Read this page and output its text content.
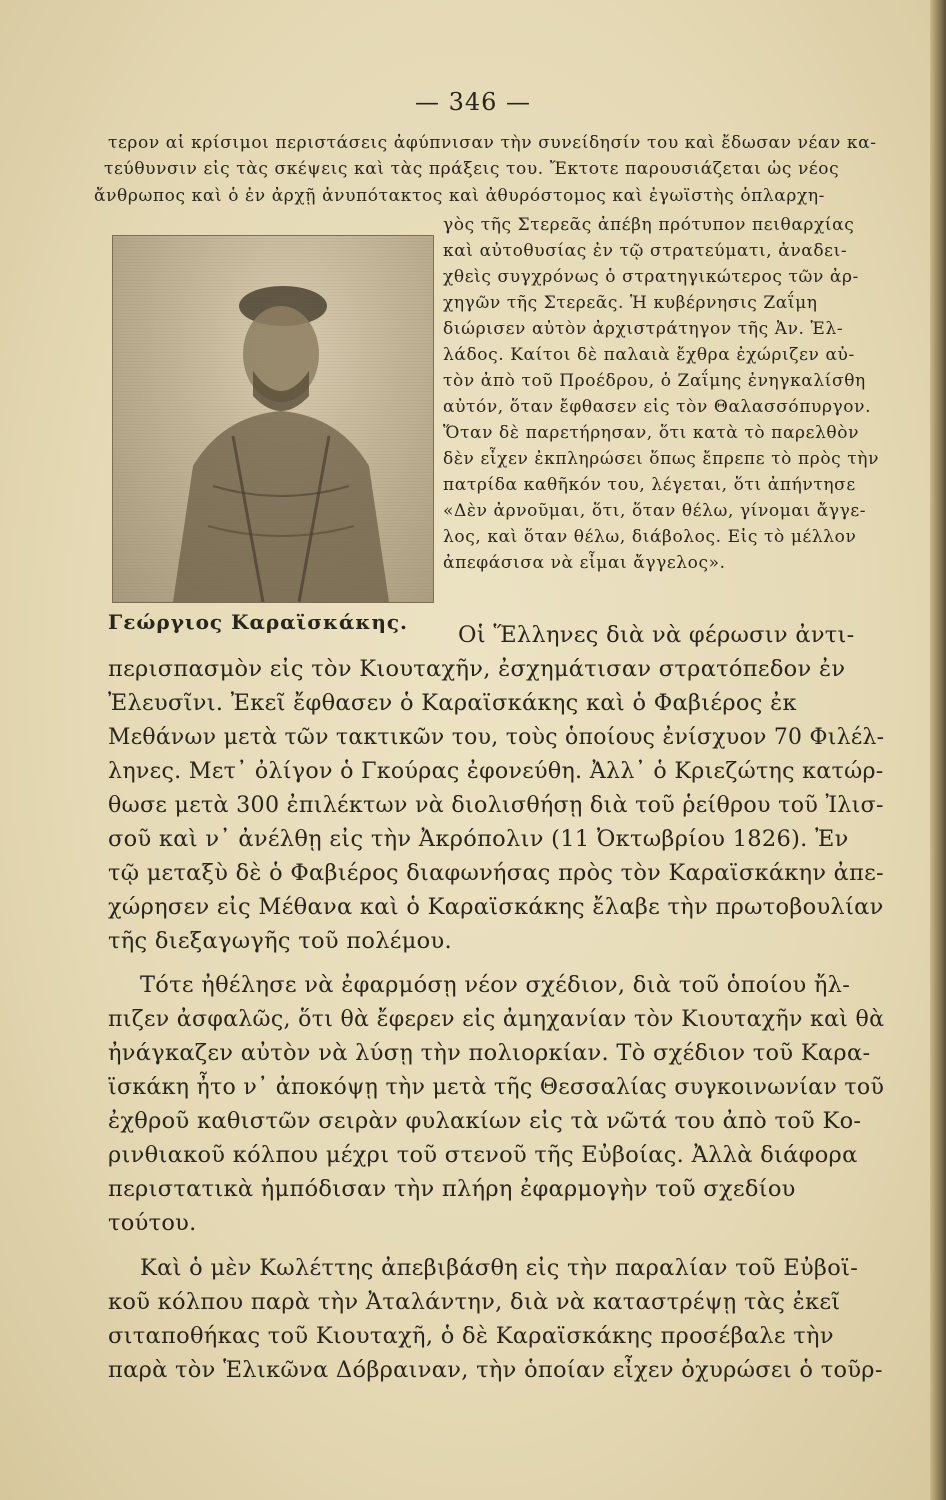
— 346 —
Γεώργιος Καραϊσκάκης.
τερον αἱ κρίσιμοι περιστάσεις ἀφύπνισαν τὴν συνείδησίν του καὶ ἔδωσαν νέαν κα-
τεύθυνσιν εἰς τὰς σκέψεις καὶ τὰς πράξεις του. Ἔκτοτε παρουσιάζεται ὡς νέος
ἄνθρωπος καὶ ὁ ἐν ἀρχῇ ἀνυπότακτος καὶ ἀθυρόστομος καὶ ἐγωϊστὴς ὁπλαρχη-
γὸς τῆς Στερεᾶς ἀπέβη πρότυπον πειθαρχίας
καὶ αὐτοθυσίας ἐν τῷ στρατεύματι, ἀναδει-
χθεὶς συγχρόνως ὁ στρατηγικώτερος τῶν ἀρ-
χηγῶν τῆς Στερεᾶς. Ἡ κυβέρνησις Ζαΐμη
διώρισεν αὐτὸν ἀρχιστράτηγον τῆς Ἀν. Ἑλ-
λάδος. Καίτοι δὲ παλαιὰ ἔχθρα ἐχώριζεν αὐ-
τὸν ἀπὸ τοῦ Προέδρου, ὁ Ζαΐμης ἐνηγκαλίσθη
αὐτόν, ὅταν ἔφθασεν εἰς τὸν Θαλασσόπυργον.
Ὅταν δὲ παρετήρησαν, ὅτι κατὰ τὸ παρελθὸν
δὲν εἶχεν ἐκπληρώσει ὅπως ἔπρεπε τὸ πρὸς τὴν
πατρίδα καθῆκόν του, λέγεται, ὅτι ἀπήντησε
«Δὲν ἀρνοῦμαι, ὅτι, ὅταν θέλω, γίνομαι ἄγγε-
λος, καὶ ὅταν θέλω, διάβολος. Εἰς τὸ μέλλον
ἀπεφάσισα νὰ εἶμαι ἄγγελος».
Οἱ Ἕλληνες διὰ νὰ φέρωσιν ἀντι-
περισπασμὸν εἰς τὸν Κιουταχῆν, ἐσχημάτισαν στρατόπεδον ἐν
Ἐλευσῖνι. Ἐκεῖ ἔφθασεν ὁ Καραϊσκάκης καὶ ὁ Φαβιέρος ἐκ
Μεθάνων μετὰ τῶν τακτικῶν του, τοὺς ὁποίους ἐνίσχυον 70 Φιλέλ-
ληνες. Μετ᾽ ὀλίγον ὁ Γκούρας ἐφονεύθη. Ἀλλ᾽ ὁ Κριεζώτης κατώρ-
θωσε μετὰ 300 ἐπιλέκτων νὰ διολισθήσῃ διὰ τοῦ ῥείθρου τοῦ Ἰλισ-
σοῦ καὶ ν᾽ ἀνέλθῃ εἰς τὴν Ἀκρόπολιν (11 Ὀκτωβρίου 1826). Ἐν
τῷ μεταξὺ δὲ ὁ Φαβιέρος διαφωνήσας πρὸς τὸν Καραϊσκάκην ἀπε-
χώρησεν εἰς Μέθανα καὶ ὁ Καραϊσκάκης ἔλαβε τὴν πρωτοβουλίαν
τῆς διεξαγωγῆς τοῦ πολέμου.
Τότε ἠθέλησε νὰ ἐφαρμόσῃ νέον σχέδιον, διὰ τοῦ ὁποίου ἤλ-
πιζεν ἀσφαλῶς, ὅτι θὰ ἔφερεν εἰς ἀμηχανίαν τὸν Κιουταχῆν καὶ θὰ
ἠνάγκαζεν αὐτὸν νὰ λύσῃ τὴν πολιορκίαν. Τὸ σχέδιον τοῦ Καρα-
ϊσκάκη ἦτο ν᾽ ἀποκόψῃ τὴν μετὰ τῆς Θεσσαλίας συγκοινωνίαν τοῦ
ἐχθροῦ καθιστῶν σειρὰν φυλακίων εἰς τὰ νῶτά του ἀπὸ τοῦ Κο-
ρινθιακοῦ κόλπου μέχρι τοῦ στενοῦ τῆς Εὐβοίας. Ἀλλὰ διάφορα
περιστατικὰ ἠμπόδισαν τὴν πλήρη ἐφαρμογὴν τοῦ σχεδίου
τούτου.
Καὶ ὁ μὲν Κωλέττης ἀπεβιβάσθη εἰς τὴν παραλίαν τοῦ Εὐβοϊ-
κοῦ κόλπου παρὰ τὴν Ἀταλάντην, διὰ νὰ καταστρέψῃ τὰς ἐκεῖ
σιταποθήκας τοῦ Κιουταχῆ, ὁ δὲ Καραϊσκάκης προσέβαλε τὴν
παρὰ τὸν Ἑλικῶνα Δόβραιναν, τὴν ὁποίαν εἶχεν ὀχυρώσει ὁ τοῦρ-
